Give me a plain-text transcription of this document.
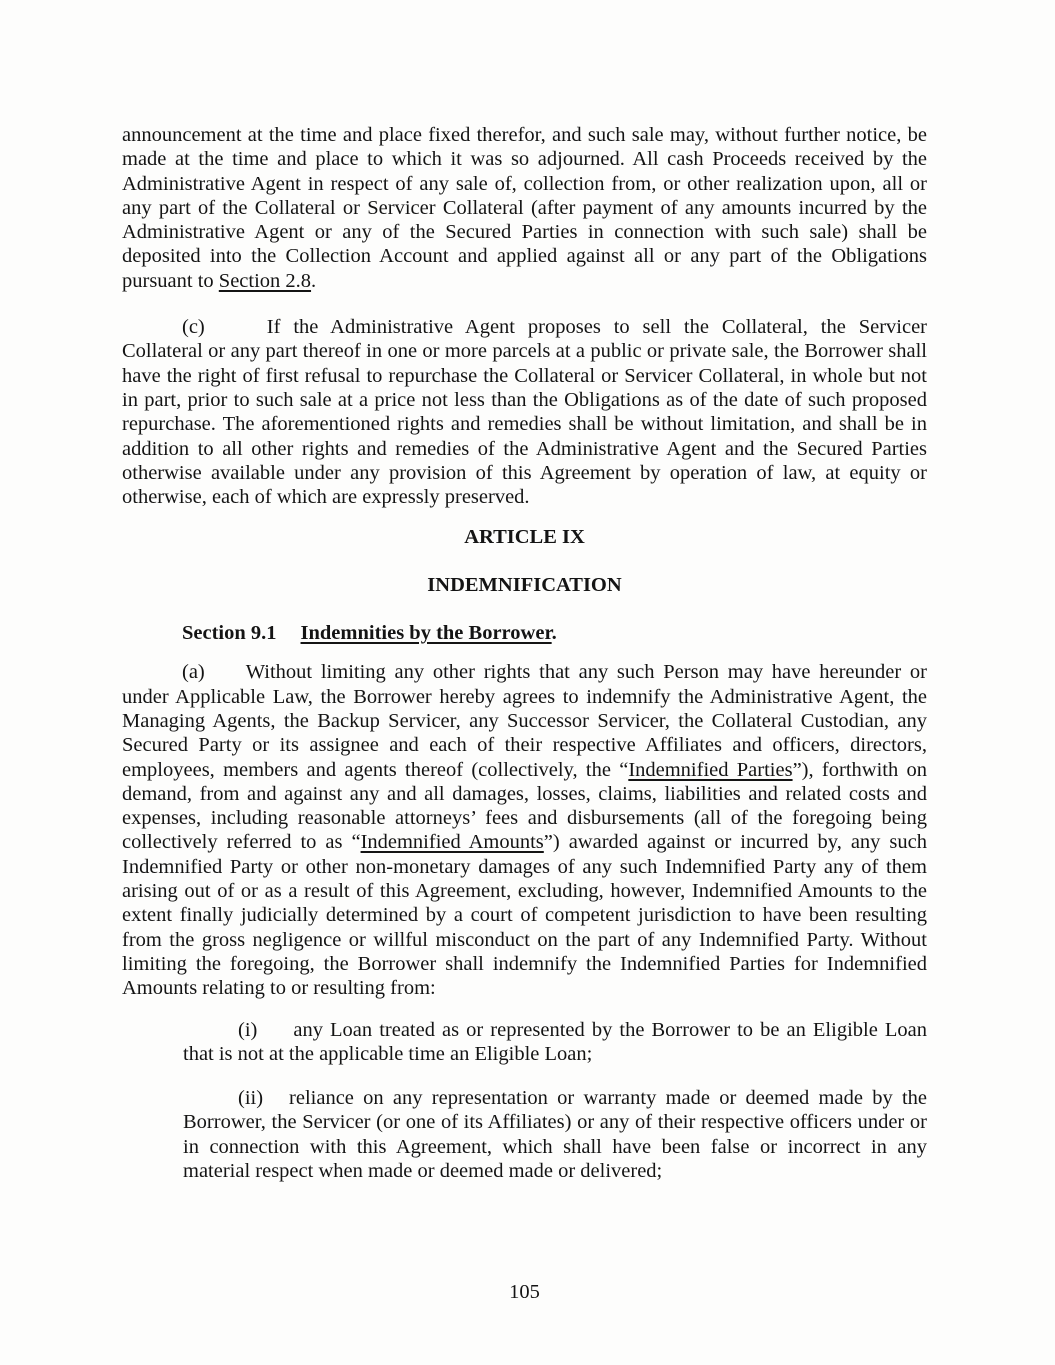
announcement at the time and place fixed therefor, and such sale may, without further notice, be made at the time and place to which it was so adjourned. All cash Proceeds received by the Administrative Agent in respect of any sale of, collection from, or other realization upon, all or any part of the Collateral or Servicer Collateral (after payment of any amounts incurred by the Administrative Agent or any of the Secured Parties in connection with such sale) shall be deposited into the Collection Account and applied against all or any part of the Obligations pursuant to Section 2.8.

(c)	If the Administrative Agent proposes to sell the Collateral, the Servicer Collateral or any part thereof in one or more parcels at a public or private sale, the Borrower shall have the right of first refusal to repurchase the Collateral or Servicer Collateral, in whole but not in part, prior to such sale at a price not less than the Obligations as of the date of such proposed repurchase. The aforementioned rights and remedies shall be without limitation, and shall be in addition to all other rights and remedies of the Administrative Agent and the Secured Parties otherwise available under any provision of this Agreement by operation of law, at equity or otherwise, each of which are expressly preserved.

ARTICLE IX

INDEMNIFICATION

Section 9.1 Indemnities by the Borrower.

(a) Without limiting any other rights that any such Person may have hereunder or under Applicable Law, the Borrower hereby agrees to indemnify the Administrative Agent, the Managing Agents, the Backup Servicer, any Successor Servicer, the Collateral Custodian, any Secured Party or its assignee and each of their respective Affiliates and officers, directors, employees, members and agents thereof (collectively, the “Indemnified Parties”), forthwith on demand, from and against any and all damages, losses, claims, liabilities and related costs and expenses, including reasonable attorneys’ fees and disbursements (all of the foregoing being collectively referred to as “Indemnified Amounts”) awarded against or incurred by, any such Indemnified Party or other non-monetary damages of any such Indemnified Party any of them arising out of or as a result of this Agreement, excluding, however, Indemnified Amounts to the extent finally judicially determined by a court of competent jurisdiction to have been resulting from the gross negligence or willful misconduct on the part of any Indemnified Party. Without limiting the foregoing, the Borrower shall indemnify the Indemnified Parties for Indemnified Amounts relating to or resulting from:

(i) any Loan treated as or represented by the Borrower to be an Eligible Loan that is not at the applicable time an Eligible Loan;

(ii) reliance on any representation or warranty made or deemed made by the Borrower, the Servicer (or one of its Affiliates) or any of their respective officers under or in connection with this Agreement, which shall have been false or incorrect in any material respect when made or deemed made or delivered;

105
